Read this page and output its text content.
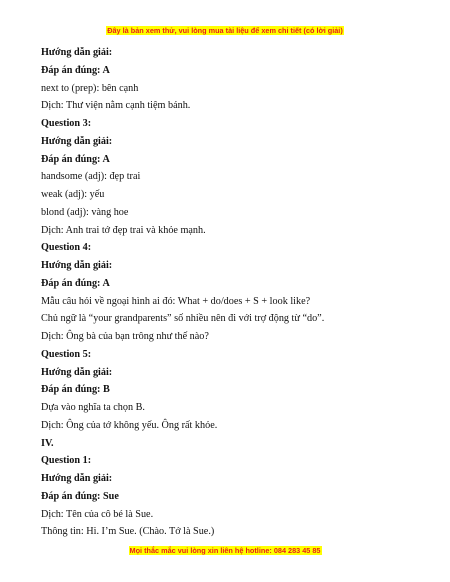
Đây là bản xem thử, vui lòng mua tài liệu để xem chi tiết (có lời giải)
Hướng dẫn giải:
Đáp án đúng: A
next to (prep): bên cạnh
Dịch: Thư viện nằm cạnh tiệm bánh.
Question 3:
Hướng dẫn giải:
Đáp án đúng: A
handsome (adj): đẹp trai
weak (adj): yếu
blond (adj): vàng hoe
Dịch: Anh trai tớ đẹp trai và khỏe mạnh.
Question 4:
Hướng dẫn giải:
Đáp án đúng: A
Mẫu câu hỏi về ngoại hình ai đó: What + do/does + S + look like?
Chủ ngữ là “your grandparents” số nhiều nên đi với trợ động từ “do”.
Dịch: Ông bà của bạn trông như thế nào?
Question 5:
Hướng dẫn giải:
Đáp án đúng: B
Dựa vào nghĩa ta chọn B.
Dịch: Ông của tớ không yếu. Ông rất khỏe.
IV.
Question 1:
Hướng dẫn giải:
Đáp án đúng: Sue
Dịch: Tên của cô bé là Sue.
Thông tin: Hi. I’m Sue. (Chào. Tớ là Sue.)
Mọi thắc mắc vui lòng xin liên hệ hotline: 084 283 45 85
